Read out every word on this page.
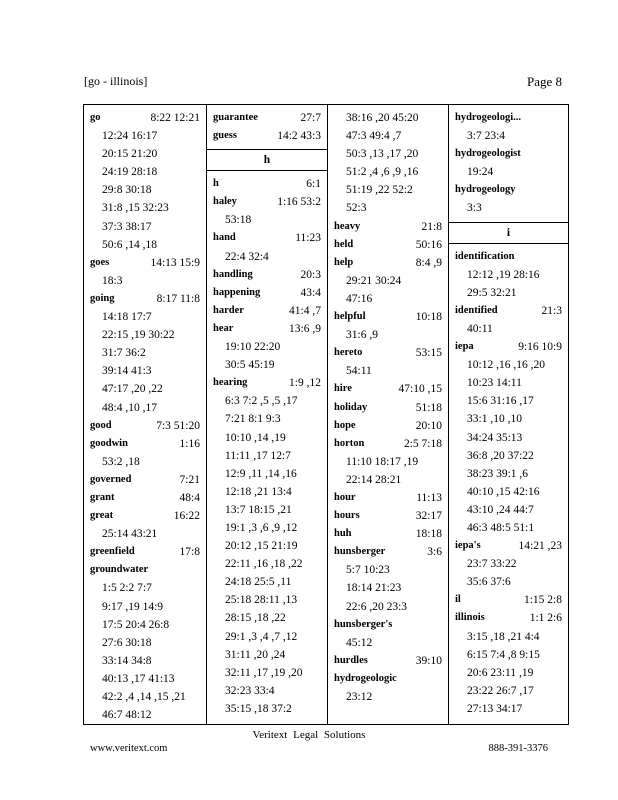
[go - illinois]	Page 8
go	8:22 12:21
12:24 16:17
20:15 21:20
24:19 28:18
29:8 30:18
31:8 ,15 32:23
37:3 38:17
50:6 ,14 ,18
goes	14:13 15:9
18:3
going	8:17 11:8
14:18 17:7
22:15 ,19 30:22
31:7 36:2
39:14 41:3
47:17 ,20 ,22
48:4 ,10 ,17
good	7:3 51:20
goodwin	1:16
53:2 ,18
governed	7:21
grant	48:4
great	16:22
25:14 43:21
greenfield	17:8
groundwater
1:5 2:2 7:7
9:17 ,19 14:9
17:5 20:4 26:8
27:6 30:18
33:14 34:8
40:13 ,17 41:13
42:2 ,4 ,14 ,15 ,21
46:7 48:12
guarantee	27:7
guess	14:2 43:3
h
h	6:1
haley	1:16 53:2
53:18
hand	11:23
22:4 32:4
handling	20:3
happening	43:4
harder	41:4 ,7
hear	13:6 ,9
19:10 22:20
30:5 45:19
hearing	1:9 ,12
6:3 7:2 ,5 ,5 ,17
7:21 8:1 9:3
10:10 ,14 ,19
11:11 ,17 12:7
12:9 ,11 ,14 ,16
12:18 ,21 13:4
13:7 18:15 ,21
19:1 ,3 ,6 ,9 ,12
20:12 ,15 21:19
22:11 ,16 ,18 ,22
24:18 25:5 ,11
25:18 28:11 ,13
28:15 ,18 ,22
29:1 ,3 ,4 ,7 ,12
31:11 ,20 ,24
32:11 ,17 ,19 ,20
32:23 33:4
35:15 ,18 37:2
38:16 ,20 45:20
47:3 49:4 ,7
50:3 ,13 ,17 ,20
51:2 ,4 ,6 ,9 ,16
51:19 ,22 52:2
52:3
heavy	21:8
held	50:16
help	8:4 ,9
29:21 30:24
47:16
helpful	10:18
31:6 ,9
hereto	53:15
54:11
hire	47:10 ,15
holiday	51:18
hope	20:10
horton	2:5 7:18
11:10 18:17 ,19
22:14 28:21
hour	11:13
hours	32:17
huh	18:18
hunsberger	3:6
5:7 10:23
18:14 21:23
22:6 ,20 23:3
hunsberger's
45:12
hurdles	39:10
hydrogeologic
23:12
hydrogeologi...
3:7 23:4
hydrogeologist
19:24
hydrogeology
3:3
i
identification
12:12 ,19 28:16
29:5 32:21
identified	21:3
40:11
iepa	9:16 10:9
10:12 ,16 ,16 ,20
10:23 14:11
15:6 31:16 ,17
33:1 ,10 ,10
34:24 35:13
36:8 ,20 37:22
38:23 39:1 ,6
40:10 ,15 42:16
43:10 ,24 44:7
46:3 48:5 51:1
iepa's	14:21 ,23
23:7 33:22
35:6 37:6
il	1:15 2:8
illinois	1:1 2:6
3:15 ,18 ,21 4:4
6:15 7:4 ,8 9:15
20:6 23:11 ,19
23:22 26:7 ,17
27:13 34:17
Veritext Legal Solutions
www.veritext.com	888-391-3376
